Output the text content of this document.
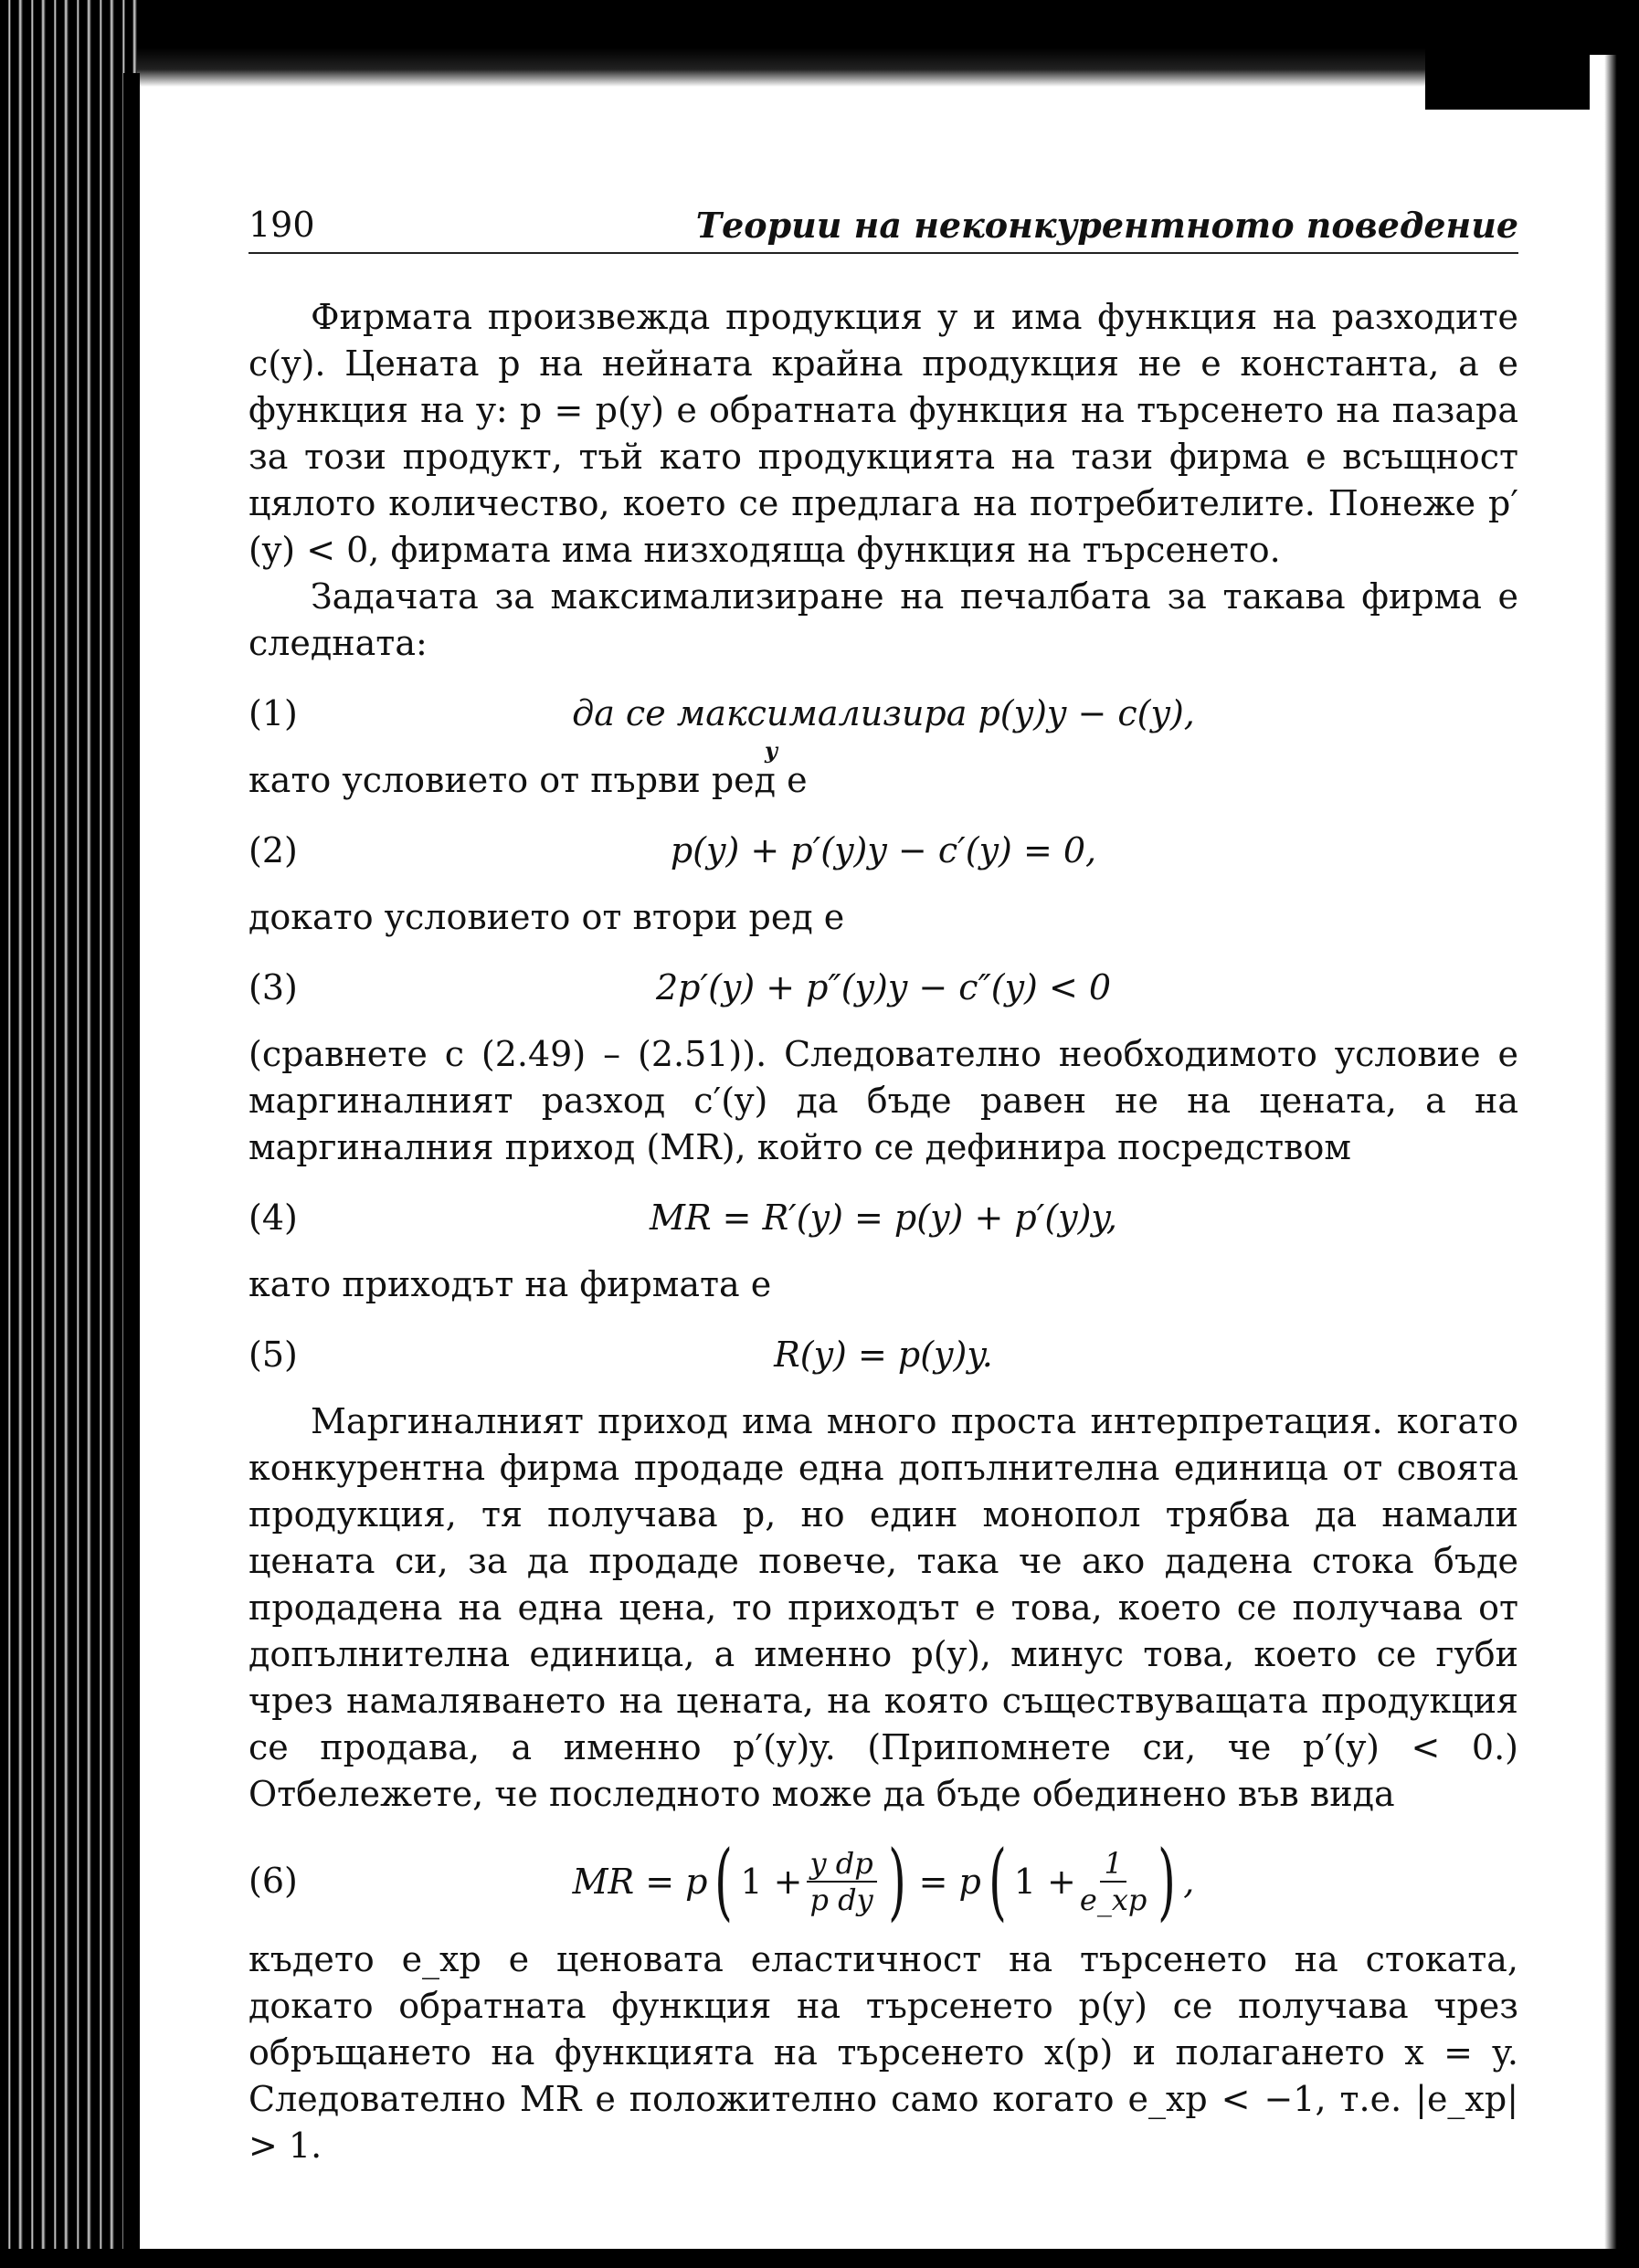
190	Теории на неконкурентното поведение

Фирмата произвежда продукция y и има функция на разходите c(y). Цената p на нейната крайна продукция не е константа, а е функция на y: p = p(y) е обратната функция на търсенето на пазара за този продукт, тъй като продукцията на тази фирма е всъщност цялото количество, което се предлага на потребителите. Понеже p′(y) < 0, фирмата има низходяща функция на търсенето.

Задачата за максимализиране на печалбата за такава фирма е следната:

(1)	да се максимализира p(y)y − c(y),
y

като условието от първи ред е

(2)	p(y) + p′(y)y − c′(y) = 0,

докато условието от втори ред е

(3)	2p′(y) + p″(y)y − c″(y) < 0

(сравнете с (2.49) – (2.51)). Следователно необходимото условие е маргиналният разход c′(y) да бъде равен не на цената, а на маргиналния приход (MR), който се дефинира посредством

(4)	MR = R′(y) = p(y) + p′(y)y,

като приходът на фирмата е

(5)	R(y) = p(y)y.

Маргиналният приход има много проста интерпретация. когато конкурентна фирма продаде една допълнителна единица от своята продукция, тя получава p, но един монопол трябва да намали цената си, за да продаде повече, така че ако дадена стока бъде продадена на една цена, то приходът е това, което се получава от допълнителна единица, а именно p(y), минус това, което се губи чрез намаляването на цената, на която съществуващата продукция се продава, а именно p′(y)y. (Припомнете си, че p′(y) < 0.) Отбележете, че последното може да бъде обединено във вида

(6)	MR = p ( $1 + \frac{\text{y dp}}{\text{p dy}}$ ) = p ( $1 + \frac{1}{e\_xp}$ ) ,

където e_xp е ценовата еластичност на търсенето на стоката, докато обратната функция на търсенето p(y) се получава чрез обръщането на функцията на търсенето x(p) и полагането x = y. Следователно MR е положително само когато e_xp < −1, т.е. |e_xp| > 1.
